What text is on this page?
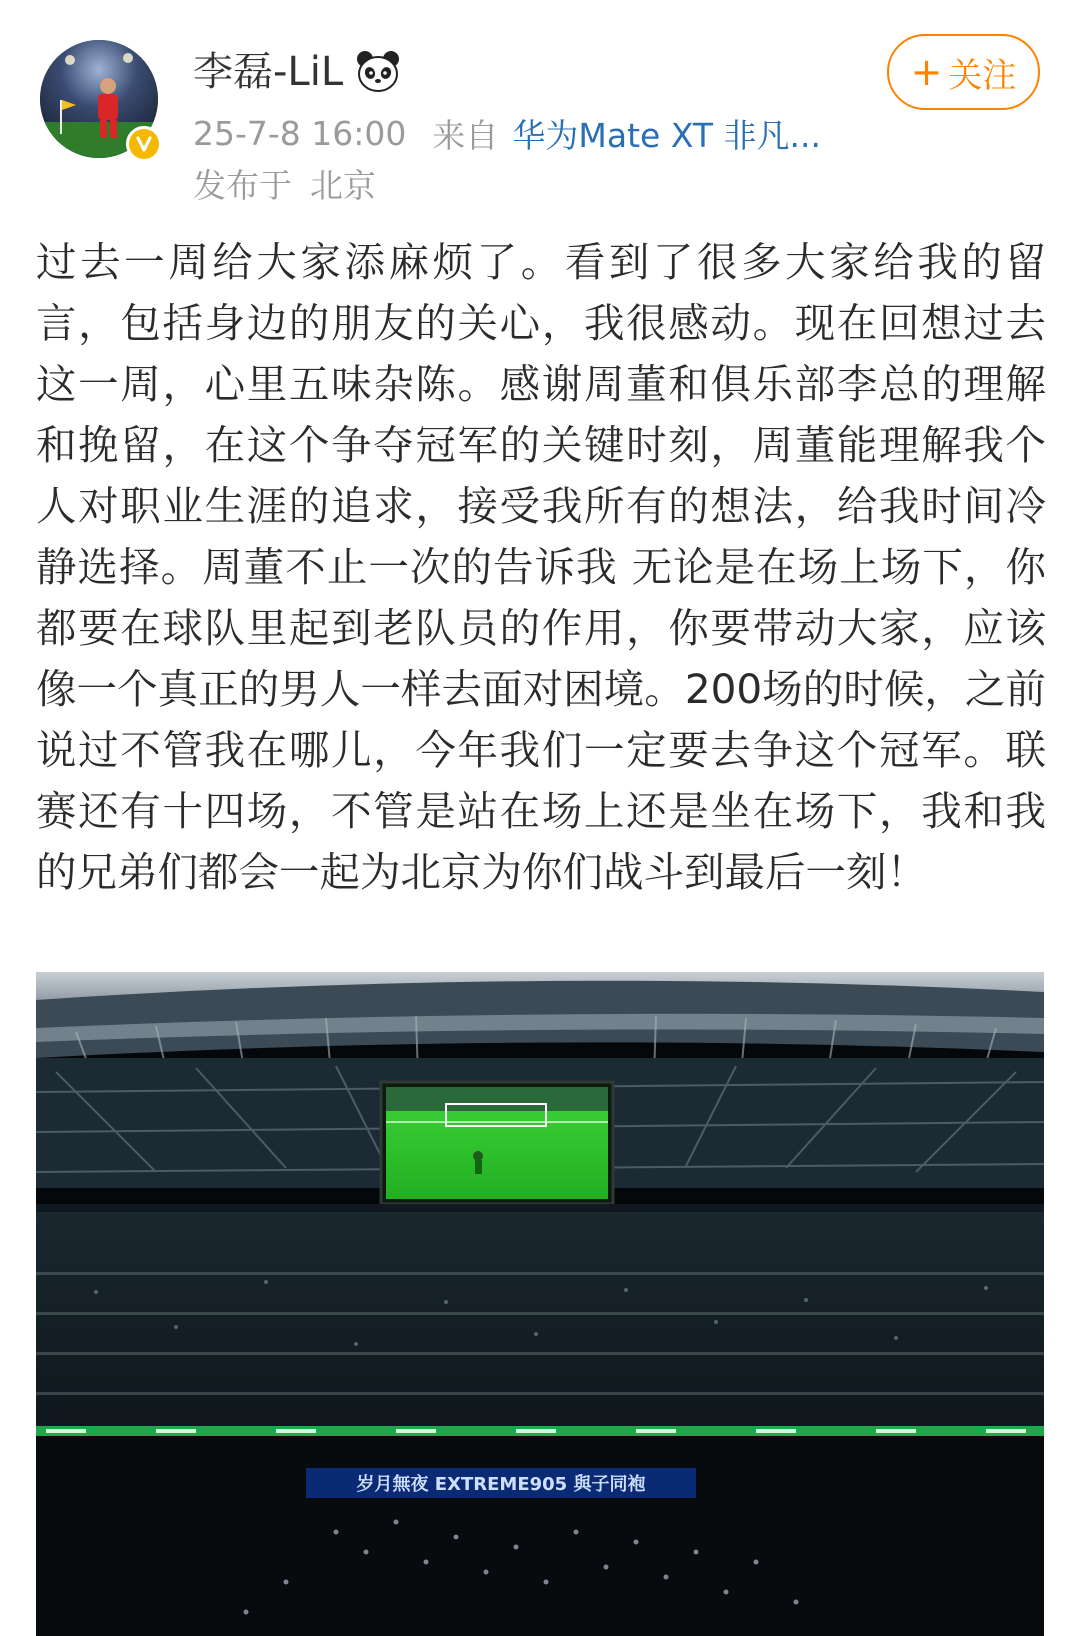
李磊-LiL
25-7-8 16:00 来自 华为Mate XT 非凡...
发布于 北京
+ 关注
过去一周给大家添麻烦了。看到了很多大家给我的留言，包括身边的朋友的关心，我很感动。现在回想过去这一周，心里五味杂陈。感谢周董和俱乐部李总的理解和挽留，在这个争夺冠军的关键时刻，周董能理解我个人对职业生涯的追求，接受我所有的想法，给我时间冷静选择。周董不止一次的告诉我 无论是在场上场下，你都要在球队里起到老队员的作用，你要带动大家，应该像一个真正的男人一样去面对困境。200场的时候，之前说过不管我在哪儿，今年我们一定要去争这个冠军。联赛还有十四场，不管是站在场上还是坐在场下，我和我的兄弟们都会一起为北京为你们战斗到最后一刻！
岁月無夜 EXTREME905 與子同袍
